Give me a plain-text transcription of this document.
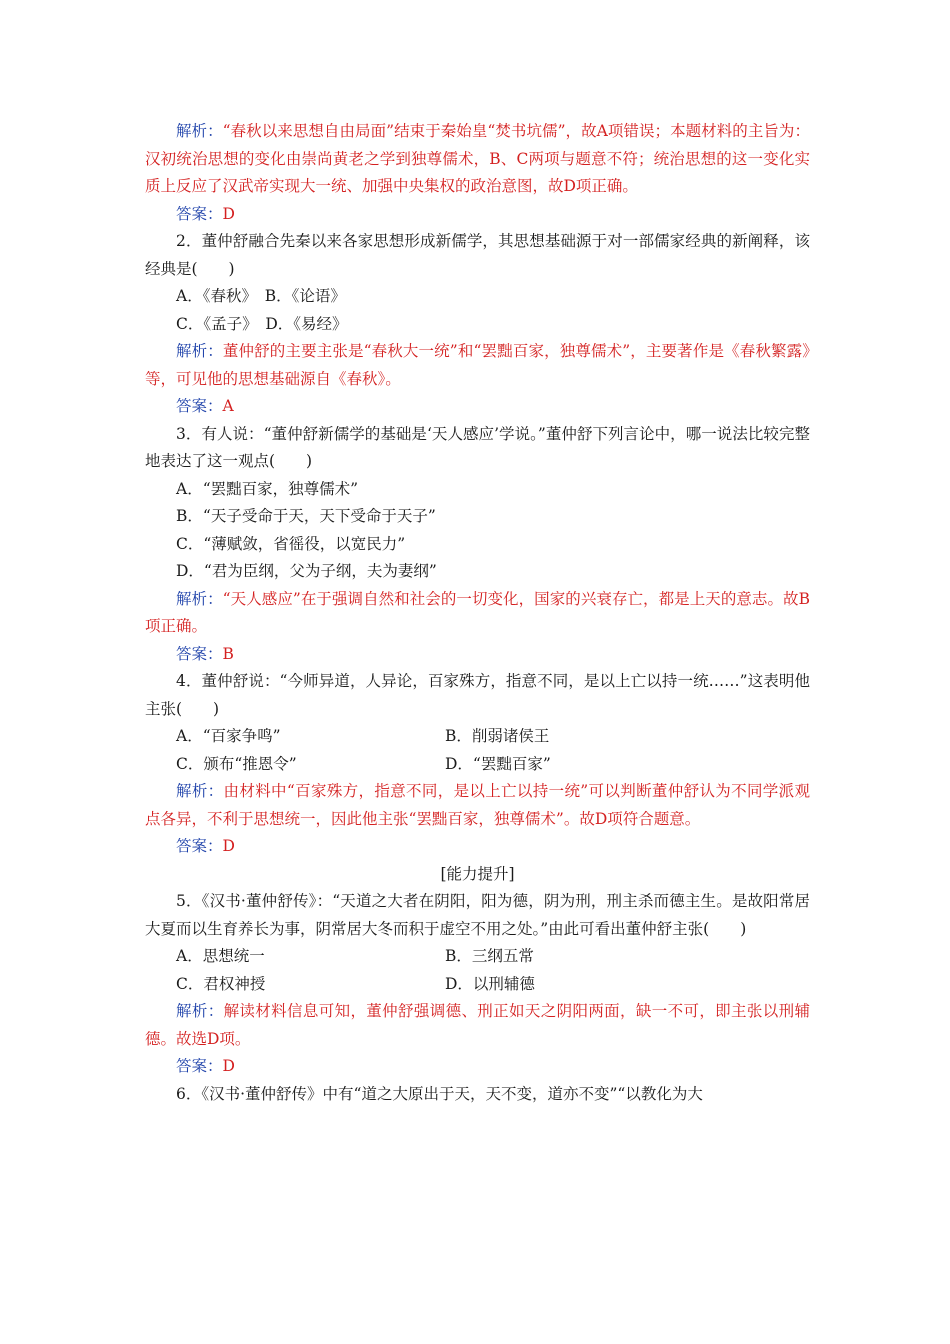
解析：“春秋以来思想自由局面”结束于秦始皇“焚书坑儒”，故A项错误；本题材料的主旨为：汉初统治思想的变化由崇尚黄老之学到独尊儒术，B、C两项与题意不符；统治思想的这一变化实质上反应了汉武帝实现大一统、加强中央集权的政治意图，故D项正确。

答案：D

2．董仲舒融合先秦以来各家思想形成新儒学，其思想基础源于对一部儒家经典的新阐释，该经典是(　　)

A．《春秋》　B．《论语》

C．《孟子》　D．《易经》

解析：董仲舒的主要主张是“春秋大一统”和“罢黜百家，独尊儒术”，主要著作是《春秋繁露》等，可见他的思想基础源自《春秋》。

答案：A

3．有人说：“董仲舒新儒学的基础是‘天人感应’学说。”董仲舒下列言论中，哪一说法比较完整地表达了这一观点(　　)

A．“罢黜百家，独尊儒术”

B．“天子受命于天，天下受命于天子”

C．“薄赋敛，省徭役，以宽民力”

D．“君为臣纲，父为子纲，夫为妻纲”

解析：“天人感应”在于强调自然和社会的一切变化，国家的兴衰存亡，都是上天的意志。故B项正确。

答案：B

4．董仲舒说：“今师异道，人异论，百家殊方，指意不同，是以上亡以持一统……”这表明他主张(　　)

A．“百家争鸣”	B．削弱诸侯王
C．颁布“推恩令”	D．“罢黜百家”

解析：由材料中“百家殊方，指意不同，是以上亡以持一统”可以判断董仲舒认为不同学派观点各异，不利于思想统一，因此他主张“罢黜百家，独尊儒术”。故D项符合题意。

答案：D

[能力提升]

5．《汉书·董仲舒传》：“天道之大者在阴阳，阳为德，阴为刑，刑主杀而德主生。是故阳常居大夏而以生育养长为事，阴常居大冬而积于虚空不用之处。”由此可看出董仲舒主张(　　)

A．思想统一	B．三纲五常
C．君权神授	D．以刑辅德

解析：解读材料信息可知，董仲舒强调德、刑正如天之阴阳两面，缺一不可，即主张以刑辅德。故选D项。

答案：D

6．《汉书·董仲舒传》中有“道之大原出于天，天不变，道亦不变”“以教化为大
